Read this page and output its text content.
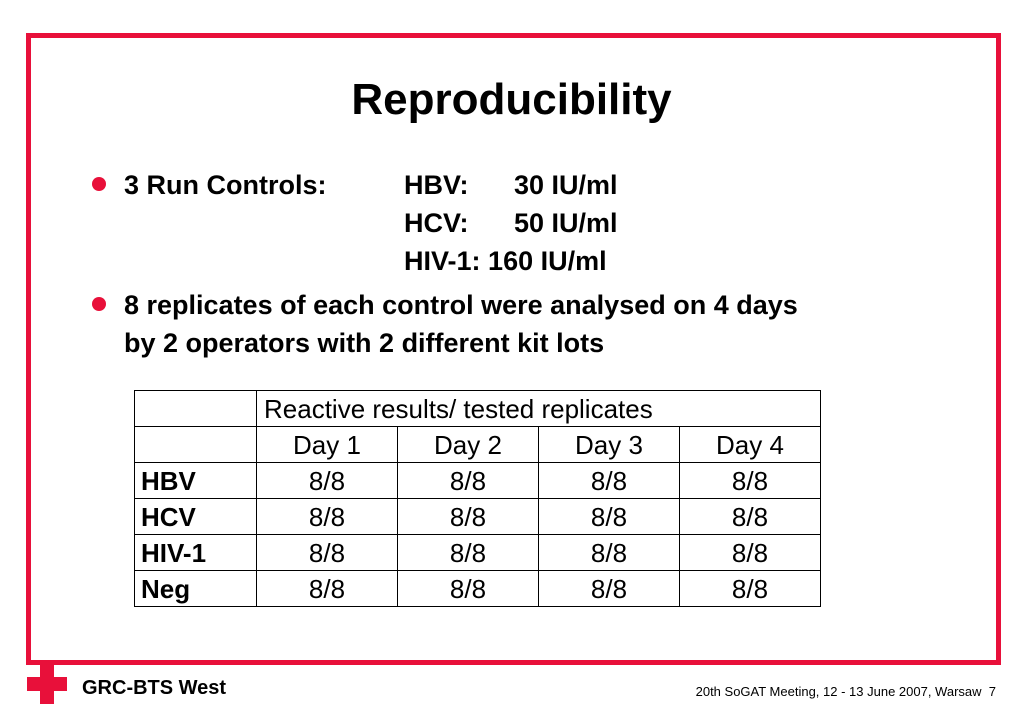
Reproducibility
3 Run Controls:	HBV: 30 IU/ml
HCV: 50 IU/ml
HIV-1: 160 IU/ml
8 replicates of each control were analysed on 4 days
by 2 operators with 2 different kit lots
	Reactive results/ tested replicates			
	Day 1	Day 2	Day 3	Day 4
HBV	8/8	8/8	8/8	8/8
HCV	8/8	8/8	8/8	8/8
HIV-1	8/8	8/8	8/8	8/8
Neg	8/8	8/8	8/8	8/8
GRC-BTS West	20th SoGAT Meeting, 12 - 13 June 2007, Warsaw 7
